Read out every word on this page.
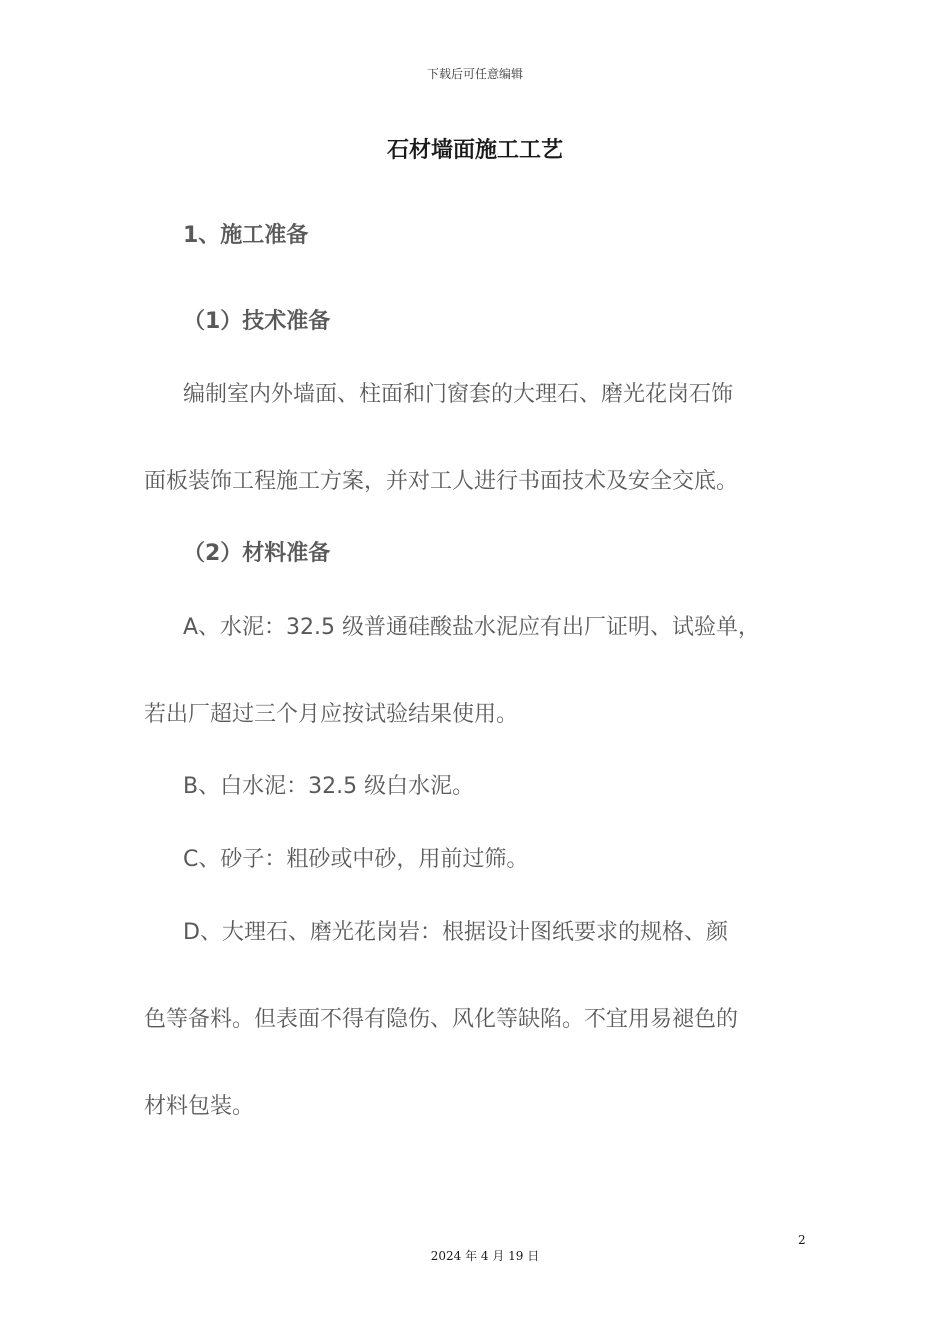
下载后可任意编辑
石材墙面施工工艺
1、施工准备
（1）技术准备
编制室内外墙面、柱面和门窗套的大理石、磨光花岗石饰
面板装饰工程施工方案，并对工人进行书面技术及安全交底。
（2）材料准备
A、水泥：32.5 级普通硅酸盐水泥应有出厂证明、试验单，
若出厂超过三个月应按试验结果使用。
B、白水泥：32.5 级白水泥。
C、砂子：粗砂或中砂，用前过筛。
D、大理石、磨光花岗岩：根据设计图纸要求的规格、颜
色等备料。但表面不得有隐伤、风化等缺陷。不宜用易褪色的
材料包装。
2
2024 年 4 月 19 日
